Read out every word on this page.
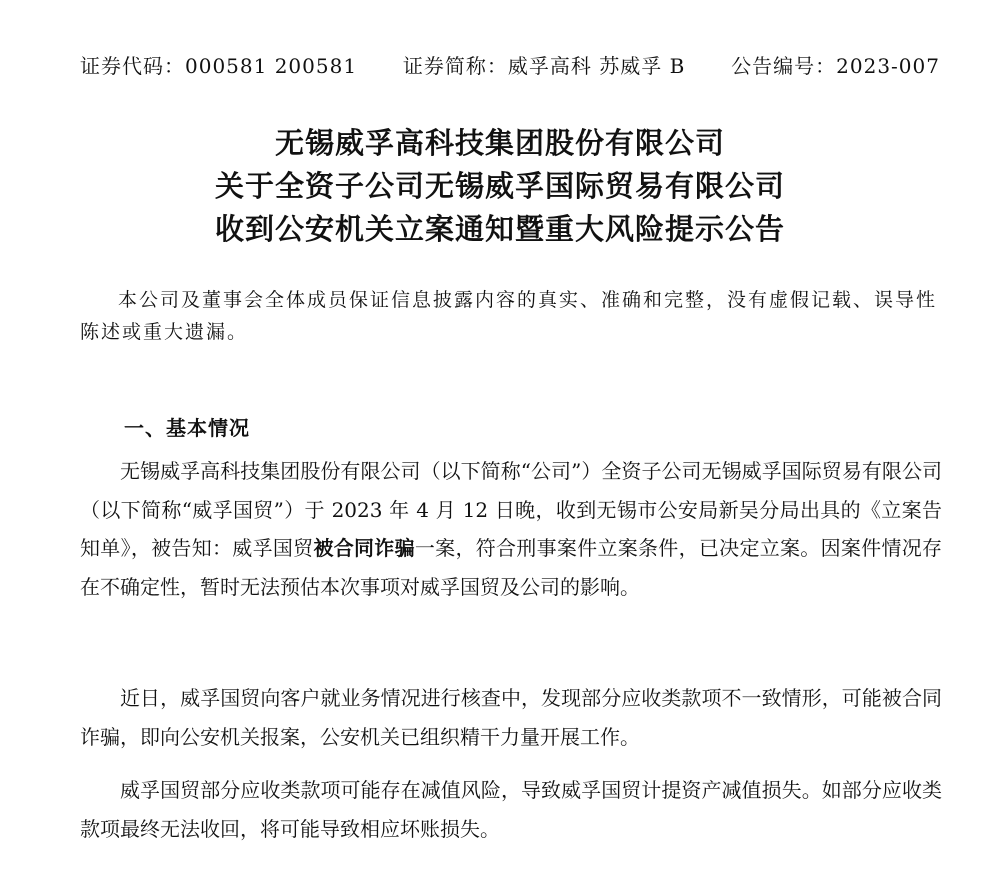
证券代码：000581 200581 证券简称：威孚高科 苏威孚 B 公告编号：2023-007
无锡威孚高科技集团股份有限公司
关于全资子公司无锡威孚国际贸易有限公司
收到公安机关立案通知暨重大风险提示公告

本公司及董事会全体成员保证信息披露内容的真实、准确和完整，没有虚假记载、误导性陈述或重大遗漏。

一、基本情况

无锡威孚高科技集团股份有限公司（以下简称“公司”）全资子公司无锡威孚国际贸易有限公司（以下简称“威孚国贸”）于 2023 年 4 月 12 日晚，收到无锡市公安局新吴分局出具的《立案告知单》，被告知：威孚国贸被合同诈骗一案，符合刑事案件立案条件，已决定立案。因案件情况存在不确定性，暂时无法预估本次事项对威孚国贸及公司的影响。

近日，威孚国贸向客户就业务情况进行核查中，发现部分应收类款项不一致情形，可能被合同诈骗，即向公安机关报案，公安机关已组织精干力量开展工作。

威孚国贸部分应收类款项可能存在减值风险，导致威孚国贸计提资产减值损失。如部分应收类款项最终无法收回，将可能导致相应坏账损失。
